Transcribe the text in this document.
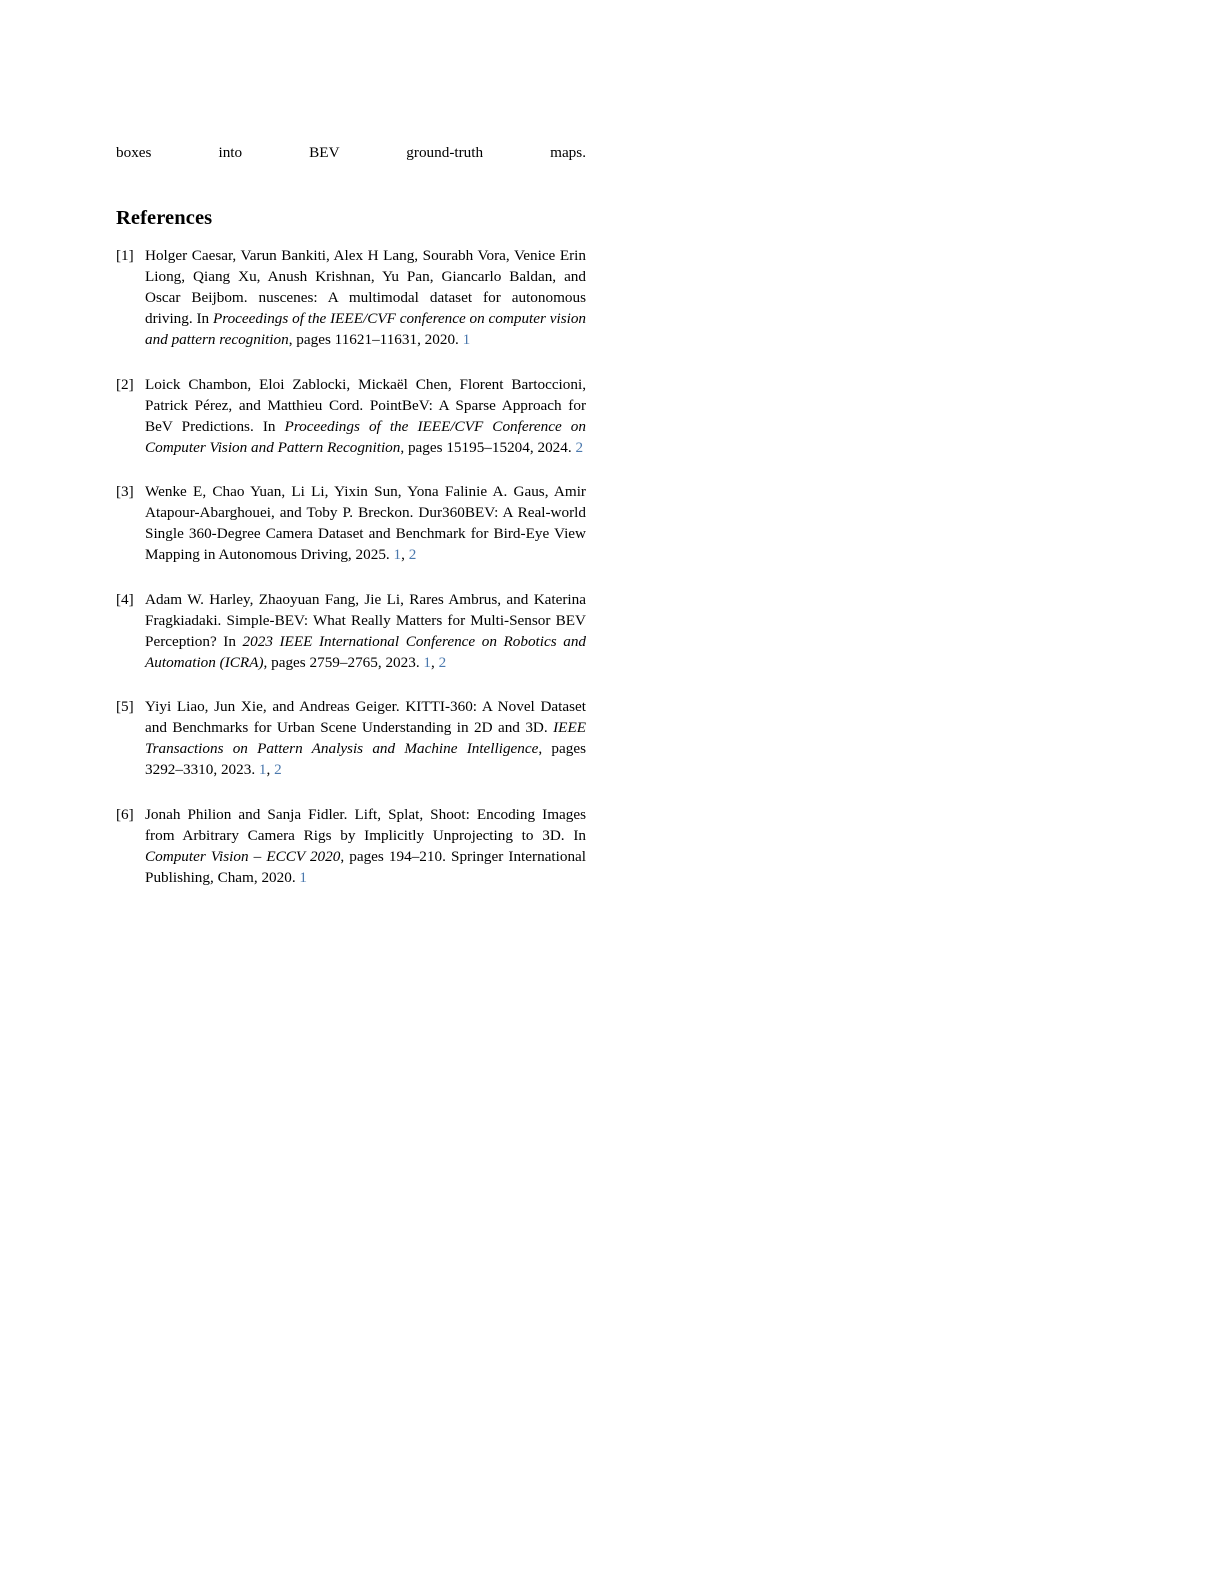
boxes into BEV ground-truth maps.

References
[1] Holger Caesar, Varun Bankiti, Alex H Lang, Sourabh Vora, Venice Erin Liong, Qiang Xu, Anush Krishnan, Yu Pan, Giancarlo Baldan, and Oscar Beijbom. nuscenes: A multimodal dataset for autonomous driving. In Proceedings of the IEEE/CVF conference on computer vision and pattern recognition, pages 11621–11631, 2020. 1
[2] Loick Chambon, Eloi Zablocki, Mickaël Chen, Florent Bartoccioni, Patrick Pérez, and Matthieu Cord. PointBeV: A Sparse Approach for BeV Predictions. In Proceedings of the IEEE/CVF Conference on Computer Vision and Pattern Recognition, pages 15195–15204, 2024. 2
[3] Wenke E, Chao Yuan, Li Li, Yixin Sun, Yona Falinie A. Gaus, Amir Atapour-Abarghouei, and Toby P. Breckon. Dur360BEV: A Real-world Single 360-Degree Camera Dataset and Benchmark for Bird-Eye View Mapping in Autonomous Driving, 2025. 1, 2
[4] Adam W. Harley, Zhaoyuan Fang, Jie Li, Rares Ambrus, and Katerina Fragkiadaki. Simple-BEV: What Really Matters for Multi-Sensor BEV Perception? In 2023 IEEE International Conference on Robotics and Automation (ICRA), pages 2759–2765, 2023. 1, 2
[5] Yiyi Liao, Jun Xie, and Andreas Geiger. KITTI-360: A Novel Dataset and Benchmarks for Urban Scene Understanding in 2D and 3D. IEEE Transactions on Pattern Analysis and Machine Intelligence, pages 3292–3310, 2023. 1, 2
[6] Jonah Philion and Sanja Fidler. Lift, Splat, Shoot: Encoding Images from Arbitrary Camera Rigs by Implicitly Unprojecting to 3D. In Computer Vision – ECCV 2020, pages 194–210. Springer International Publishing, Cham, 2020. 1
